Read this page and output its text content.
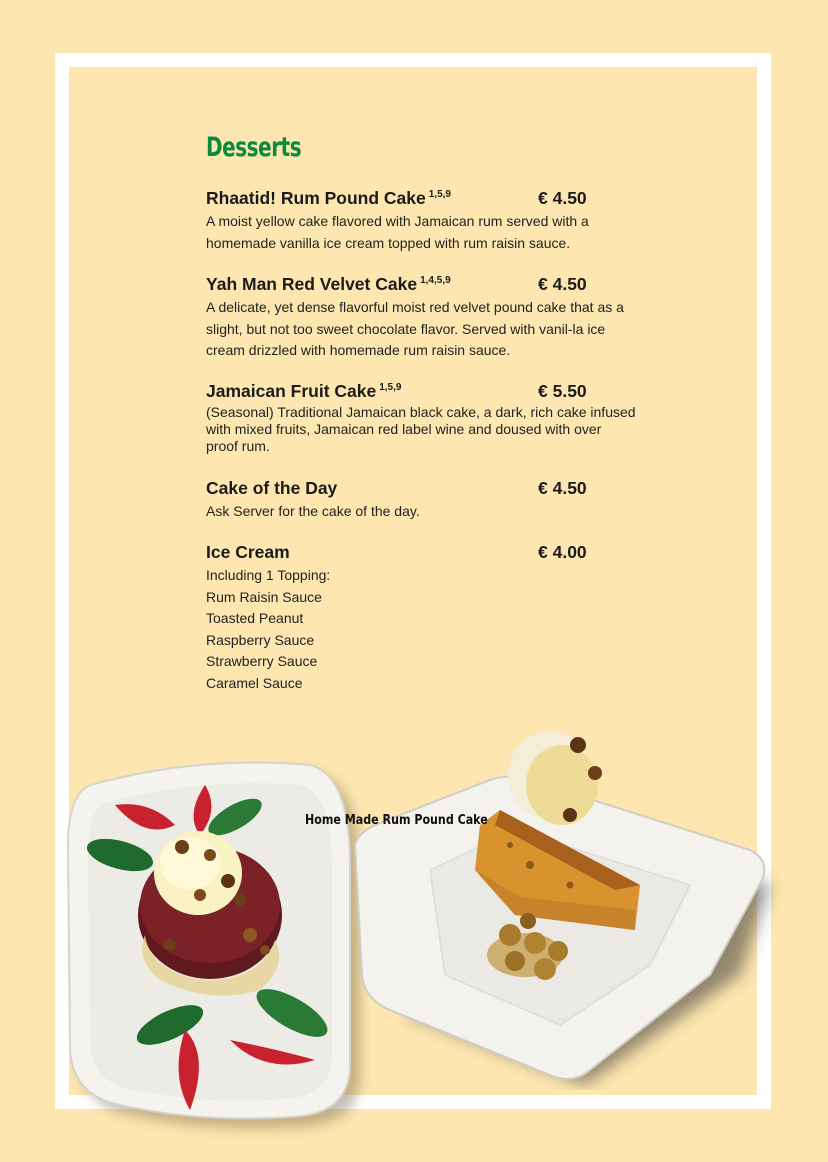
Desserts
Rhaatid! Rum Pound Cake $^{1,5,9}$	€ 4.50
A moist yellow cake flavored with Jamaican rum served with a homemade vanilla ice cream topped with rum raisin sauce.
Yah Man Red Velvet Cake $^{1,4,5,9}$	€ 4.50
A delicate, yet dense flavorful moist red velvet pound cake that as a slight, but not too sweet chocolate flavor. Served with vanil-la ice cream drizzled with homemade rum raisin sauce.
Jamaican Fruit Cake $^{1,5,9}$	€ 5.50
(Seasonal) Traditional Jamaican black cake, a dark, rich cake infused with mixed fruits, Jamaican red label wine and doused with over proof rum.
Cake of the Day	€ 4.50
Ask Server for the cake of the day.
Ice Cream	€ 4.00
Including 1 Topping:
Rum Raisin Sauce
Toasted Peanut
Raspberry Sauce
Strawberry Sauce
Caramel Sauce
Home Made Rum Pound Cake
